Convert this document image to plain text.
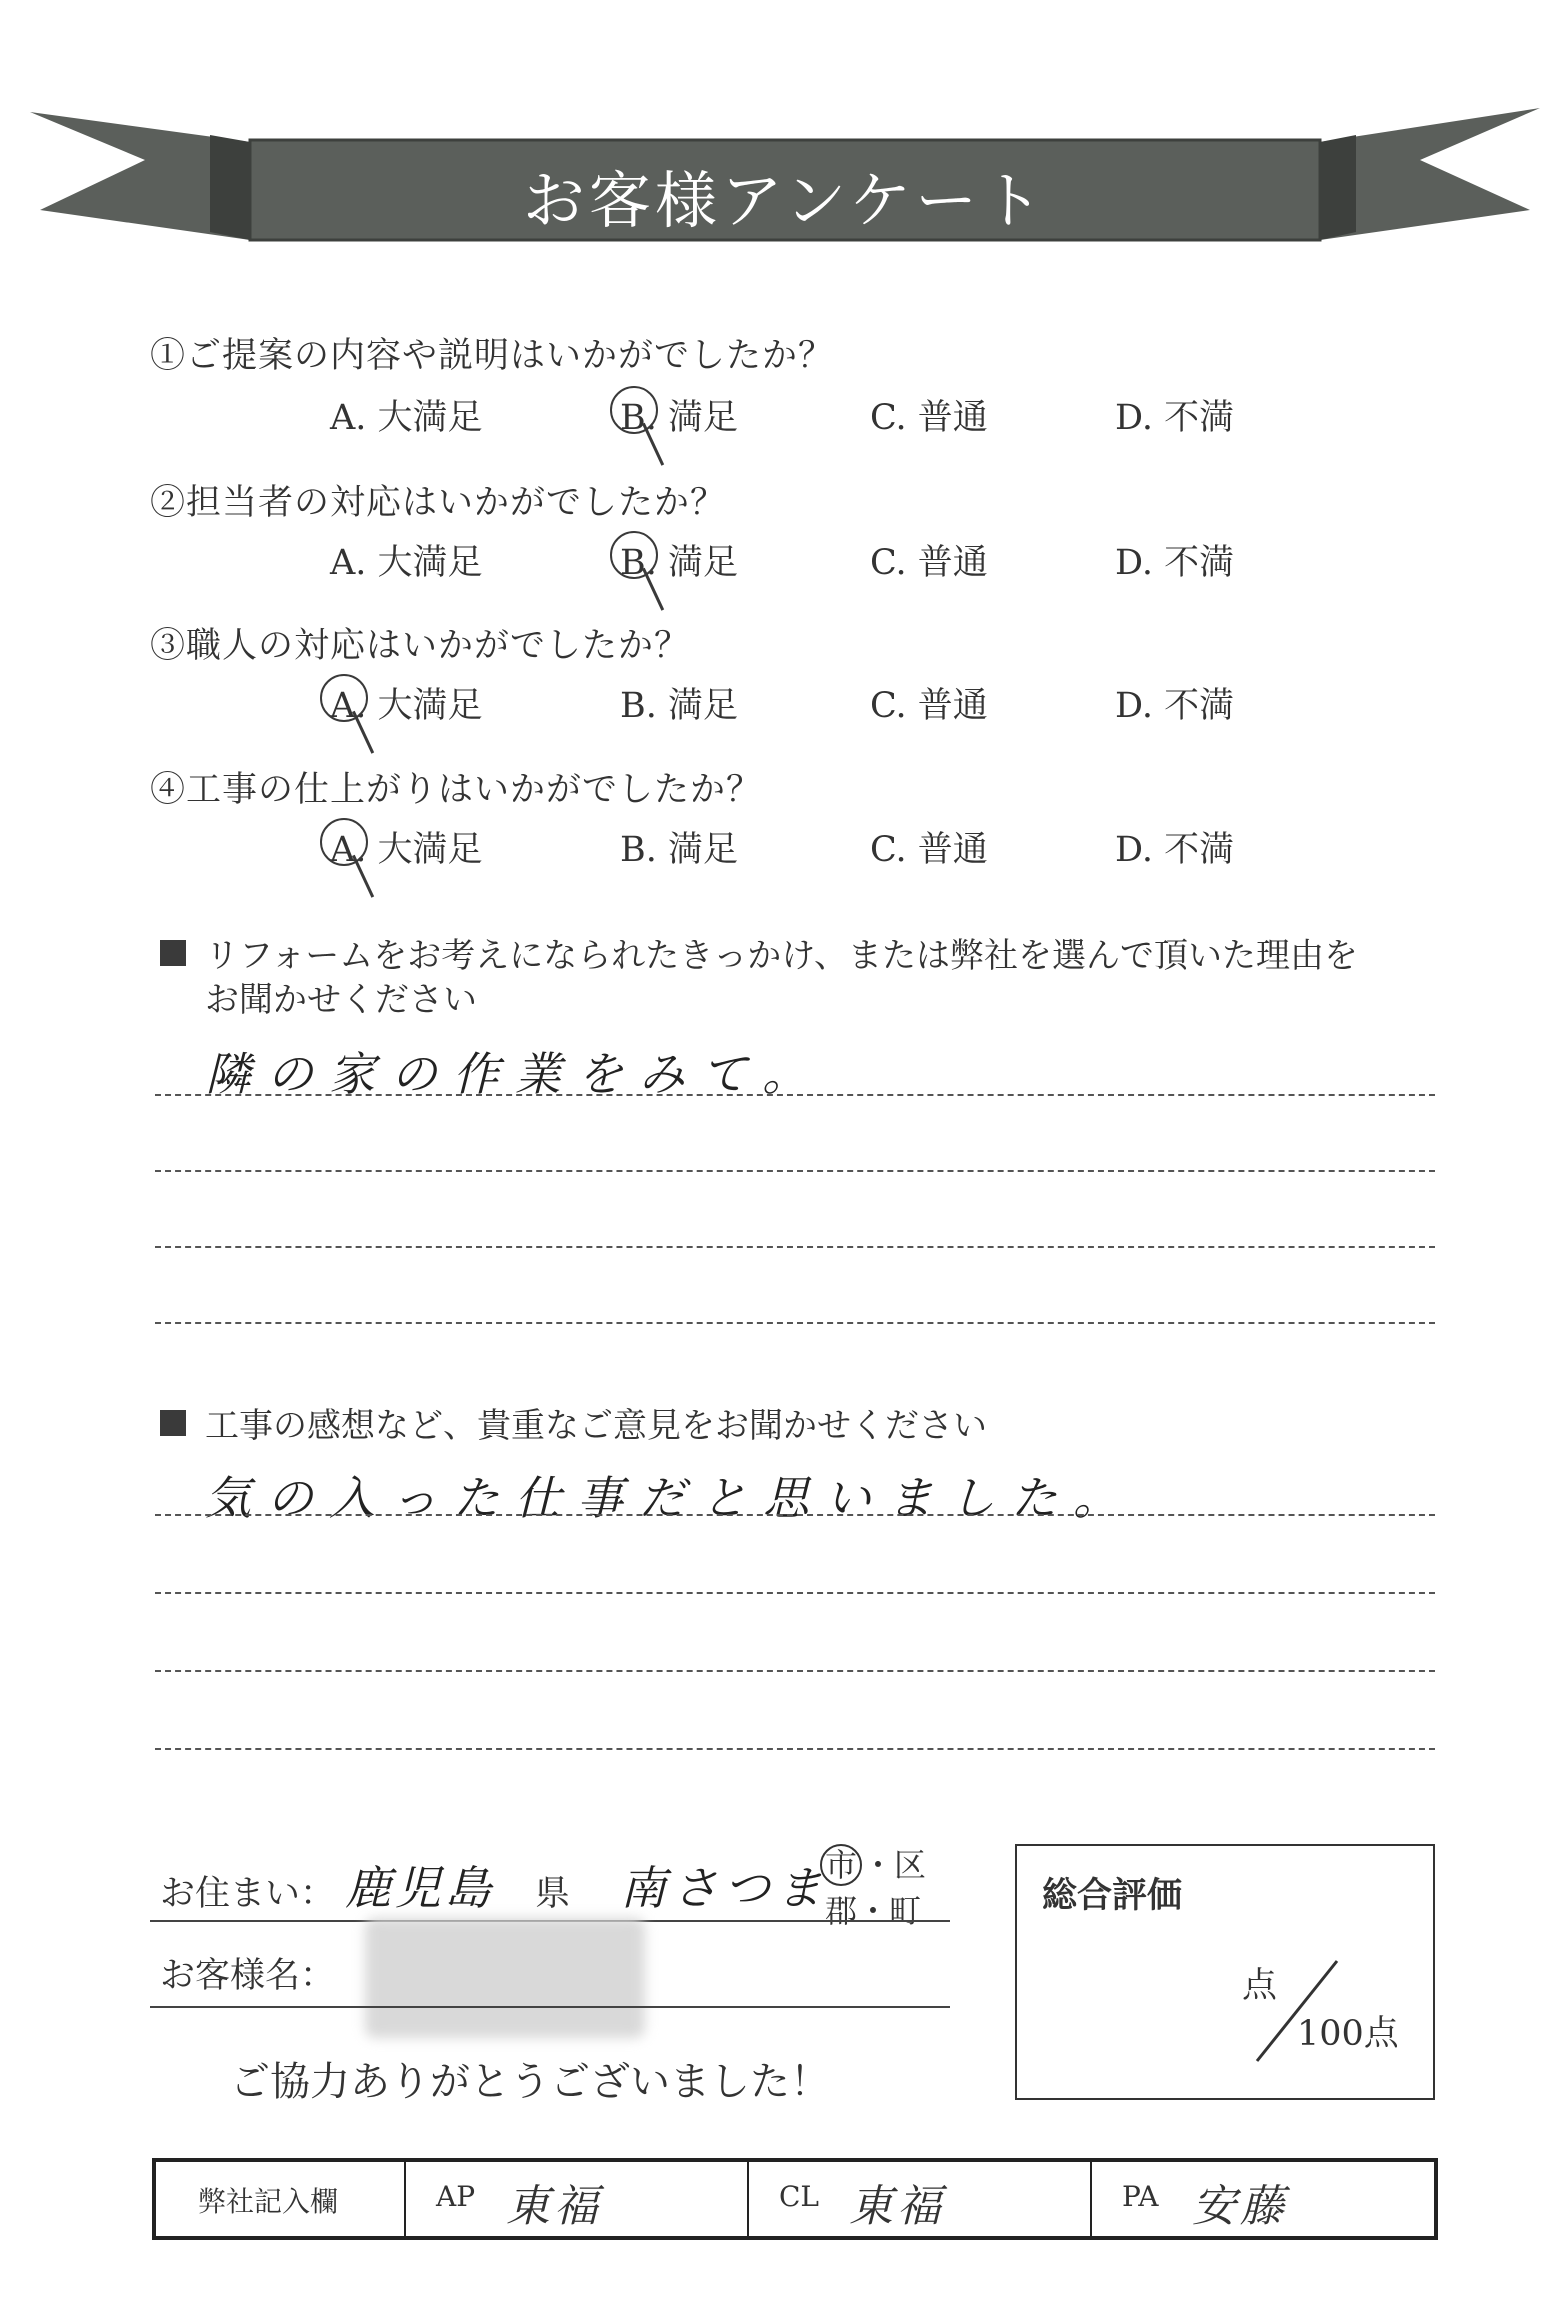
お客様アンケート
①ご提案の内容や説明はいかがでしたか？
A. 大満足	B. 満足	C. 普通	D. 不満
②担当者の対応はいかがでしたか？
A. 大満足	B. 満足	C. 普通	D. 不満
③職人の対応はいかがでしたか？
A. 大満足	B. 満足	C. 普通	D. 不満
④工事の仕上がりはいかがでしたか？
A. 大満足	B. 満足	C. 普通	D. 不満
リフォームをお考えになられたきっかけ、または弊社を選んで頂いた理由を
お聞かせください
隣の家の作業をみて。
工事の感想など、貴重なご意見をお聞かせください
気の入った仕事だと思いました。
お住まい： 鹿児島 県 南さつま
市 ・区
郡・町
お客様名：
ご協力ありがとうございました！
総合評価
点
100点
弊社記入欄	AP 東福	CL 東福	PA 安藤
